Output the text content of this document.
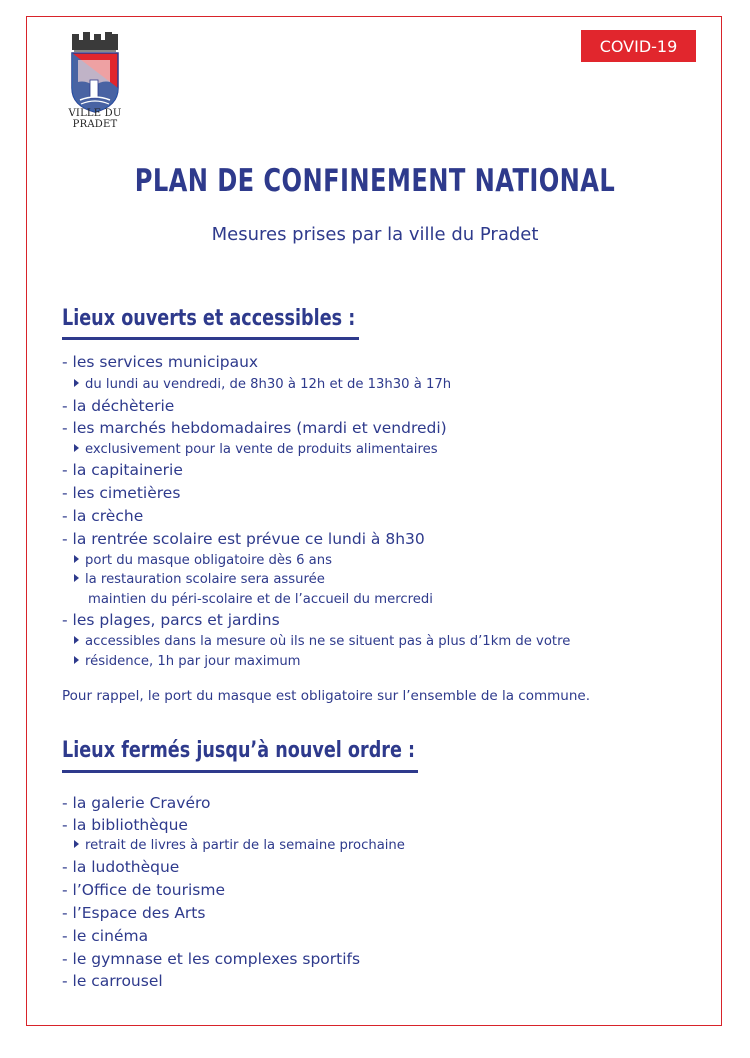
VILLE DU PRADET
COVID-19
PLAN DE CONFINEMENT NATIONAL
Mesures prises par la ville du Pradet
Lieux ouverts et accessibles :
- les services municipaux
du lundi au vendredi, de 8h30 à 12h et de 13h30 à 17h
- la déchèterie
- les marchés hebdomadaires (mardi et vendredi)
exclusivement pour la vente de produits alimentaires
- la capitainerie
- les cimetières
- la crèche
- la rentrée scolaire est prévue ce lundi à 8h30
port du masque obligatoire dès 6 ans
la restauration scolaire sera assurée
maintien du péri-scolaire et de l’accueil du mercredi
- les plages, parcs et jardins
accessibles dans la mesure où ils ne se situent pas à plus d’1km de votre
résidence, 1h par jour maximum
Pour rappel, le port du masque est obligatoire sur l’ensemble de la commune.
Lieux fermés jusqu’à nouvel ordre :
- la galerie Cravéro
- la bibliothèque
retrait de livres à partir de la semaine prochaine
- la ludothèque
- l’Office de tourisme
- l’Espace des Arts
- le cinéma
- le gymnase et les complexes sportifs
- le carrousel
